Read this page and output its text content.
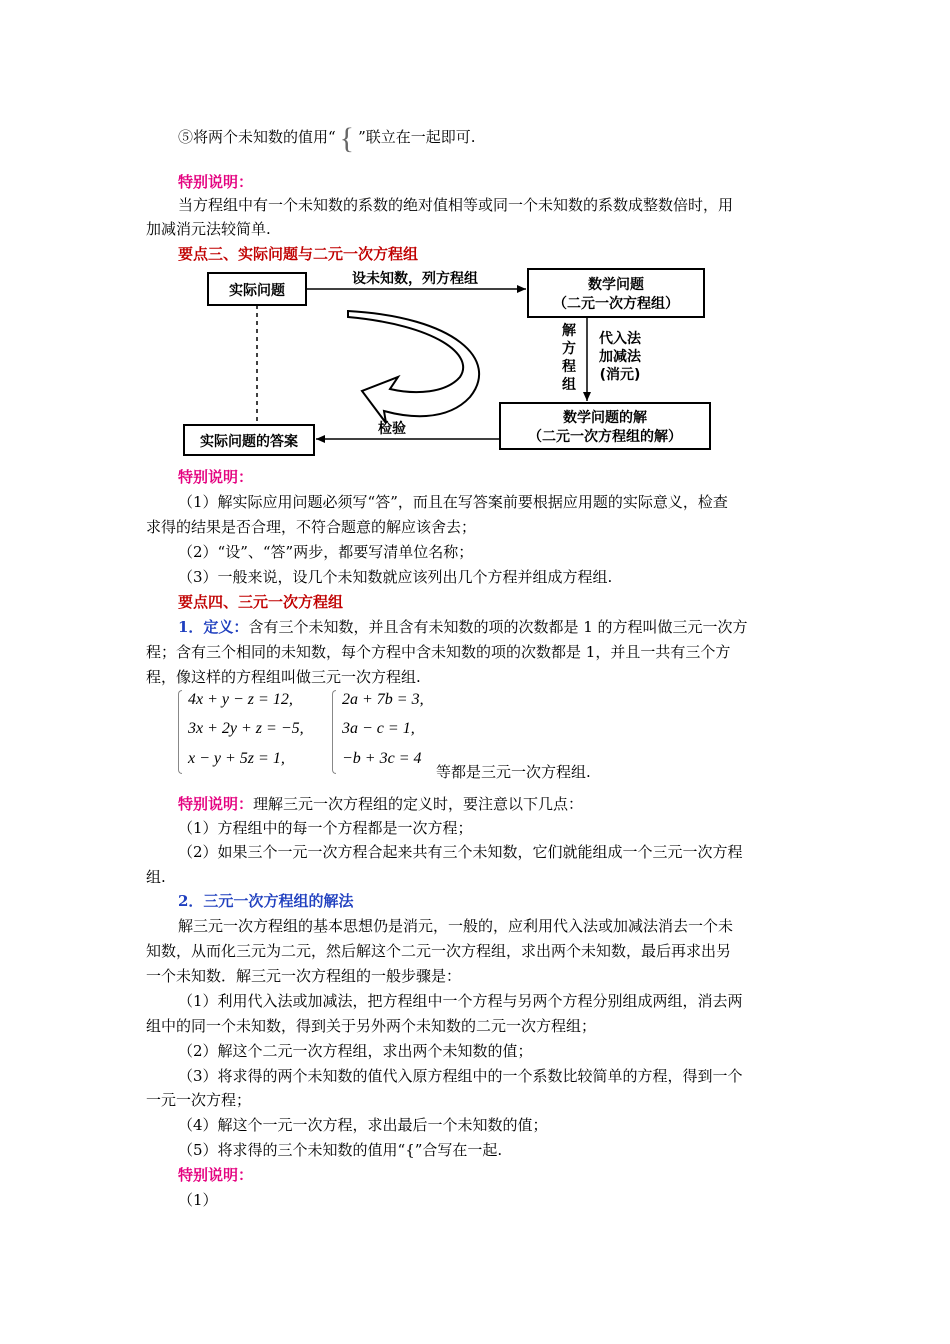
⑤将两个未知数的值用“ { ”联立在一起即可.
特别说明：
当方程组中有一个未知数的系数的绝对值相等或同一个未知数的系数成整数倍时，用
加减消元法较简单.
要点三、实际问题与二元一次方程组
实际问题
设未知数，列方程组	数学问题
（二元一次方程组）
解
方
程
组
代入法
加减法
(消元)
数学问题的解
（二元一次方程组的解）
检验
实际问题的答案
特别说明：
（1）解实际应用问题必须写“答”，而且在写答案前要根据应用题的实际意义，检查
求得的结果是否合理，不符合题意的解应该舍去；
（2）“设”、“答”两步，都要写清单位名称；
（3）一般来说，设几个未知数就应该列出几个方程并组成方程组.
要点四、三元一次方程组
1．定义：含有三个未知数，并且含有未知数的项的次数都是 1 的方程叫做三元一次方
程；含有三个相同的未知数，每个方程中含未知数的项的次数都是 1，并且一共有三个方
程，像这样的方程组叫做三元一次方程组.
4x + y − z = 12,
3x + 2y + z = −5,
x − y + 5z = 1,
2a + 7b = 3,
3a − c = 1,
−b + 3c = 4
等都是三元一次方程组.
特别说明：理解三元一次方程组的定义时，要注意以下几点：
（1）方程组中的每一个方程都是一次方程；
（2）如果三个一元一次方程合起来共有三个未知数，它们就能组成一个三元一次方程
组.
2．三元一次方程组的解法
解三元一次方程组的基本思想仍是消元，一般的，应利用代入法或加减法消去一个未
知数，从而化三元为二元，然后解这个二元一次方程组，求出两个未知数，最后再求出另
一个未知数．解三元一次方程组的一般步骤是：
（1）利用代入法或加减法，把方程组中一个方程与另两个方程分别组成两组，消去两
组中的同一个未知数，得到关于另外两个未知数的二元一次方程组；
（2）解这个二元一次方程组，求出两个未知数的值；
（3）将求得的两个未知数的值代入原方程组中的一个系数比较简单的方程，得到一个
一元一次方程；
（4）解这个一元一次方程，求出最后一个未知数的值；
（5）将求得的三个未知数的值用“{”合写在一起.
特别说明：
（1）
